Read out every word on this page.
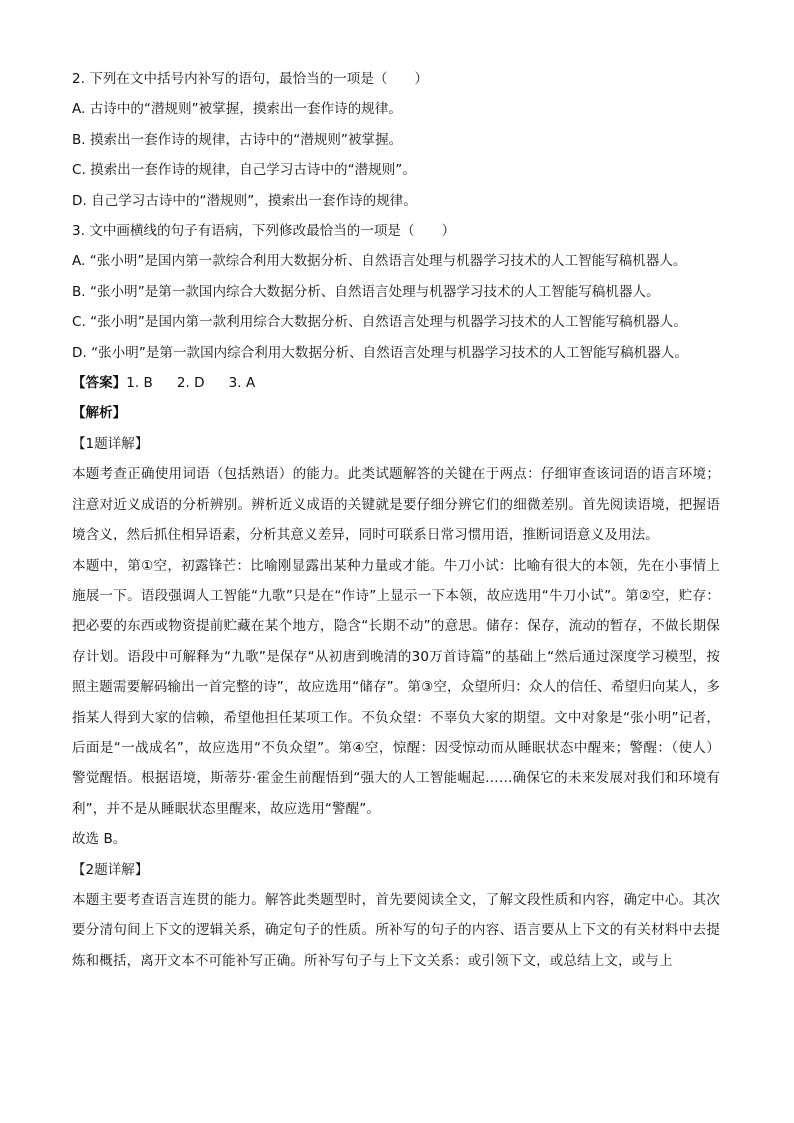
2. 下列在文中括号内补写的语句，最恰当的一项是（　　）
A. 古诗中的“潜规则”被掌握，摸索出一套作诗的规律。
B. 摸索出一套作诗的规律，古诗中的“潜规则”被掌握。
C. 摸索出一套作诗的规律，自己学习古诗中的“潜规则”。
D. 自己学习古诗中的“潜规则”，摸索出一套作诗的规律。
3. 文中画横线的句子有语病，下列修改最恰当的一项是（　　）
A. “张小明”是国内第一款综合利用大数据分析、自然语言处理与机器学习技术的人工智能写稿机器人。
B. “张小明”是第一款国内综合大数据分析、自然语言处理与机器学习技术的人工智能写稿机器人。
C. “张小明”是国内第一款利用综合大数据分析、自然语言处理与机器学习技术的人工智能写稿机器人。
D. “张小明”是第一款国内综合利用大数据分析、自然语言处理与机器学习技术的人工智能写稿机器人。
【答案】1. B 2. D 3. A
【解析】
【1题详解】
本题考查正确使用词语（包括熟语）的能力。此类试题解答的关键在于两点：仔细审查该词语的语言环境；注意对近义成语的分析辨别。辨析近义成语的关键就是要仔细分辨它们的细微差别。首先阅读语境，把握语境含义，然后抓住相异语素，分析其意义差异，同时可联系日常习惯用语，推断词语意义及用法。
本题中，第①空，初露锋芒：比喻刚显露出某种力量或才能。牛刀小试：比喻有很大的本领，先在小事情上施展一下。语段强调人工智能“九歌”只是在“作诗”上显示一下本领，故应选用“牛刀小试”。第②空，贮存：把必要的东西或物资提前贮藏在某个地方，隐含“长期不动”的意思。储存：保存，流动的暂存，不做长期保存计划。语段中可解释为“九歌”是保存“从初唐到晚清的30万首诗篇”的基础上“然后通过深度学习模型，按照主题需要解码输出一首完整的诗”，故应选用“储存”。第③空，众望所归：众人的信任、希望归向某人，多指某人得到大家的信赖，希望他担任某项工作。不负众望：不辜负大家的期望。文中对象是“张小明”记者，后面是“一战成名”，故应选用“不负众望”。第④空，惊醒：因受惊动而从睡眠状态中醒来；警醒：（使人）警觉醒悟。根据语境，斯蒂芬·霍金生前醒悟到“强大的人工智能崛起……确保它的未来发展对我们和环境有利”，并不是从睡眠状态里醒来，故应选用“警醒”。
故选 B。
【2题详解】
本题主要考查语言连贯的能力。解答此类题型时，首先要阅读全文，了解文段性质和内容，确定中心。其次要分清句间上下文的逻辑关系，确定句子的性质。所补写的句子的内容、语言要从上下文的有关材料中去提炼和概括，离开文本不可能补写正确。所补写句子与上下文关系：或引领下文，或总结上文，或与上
